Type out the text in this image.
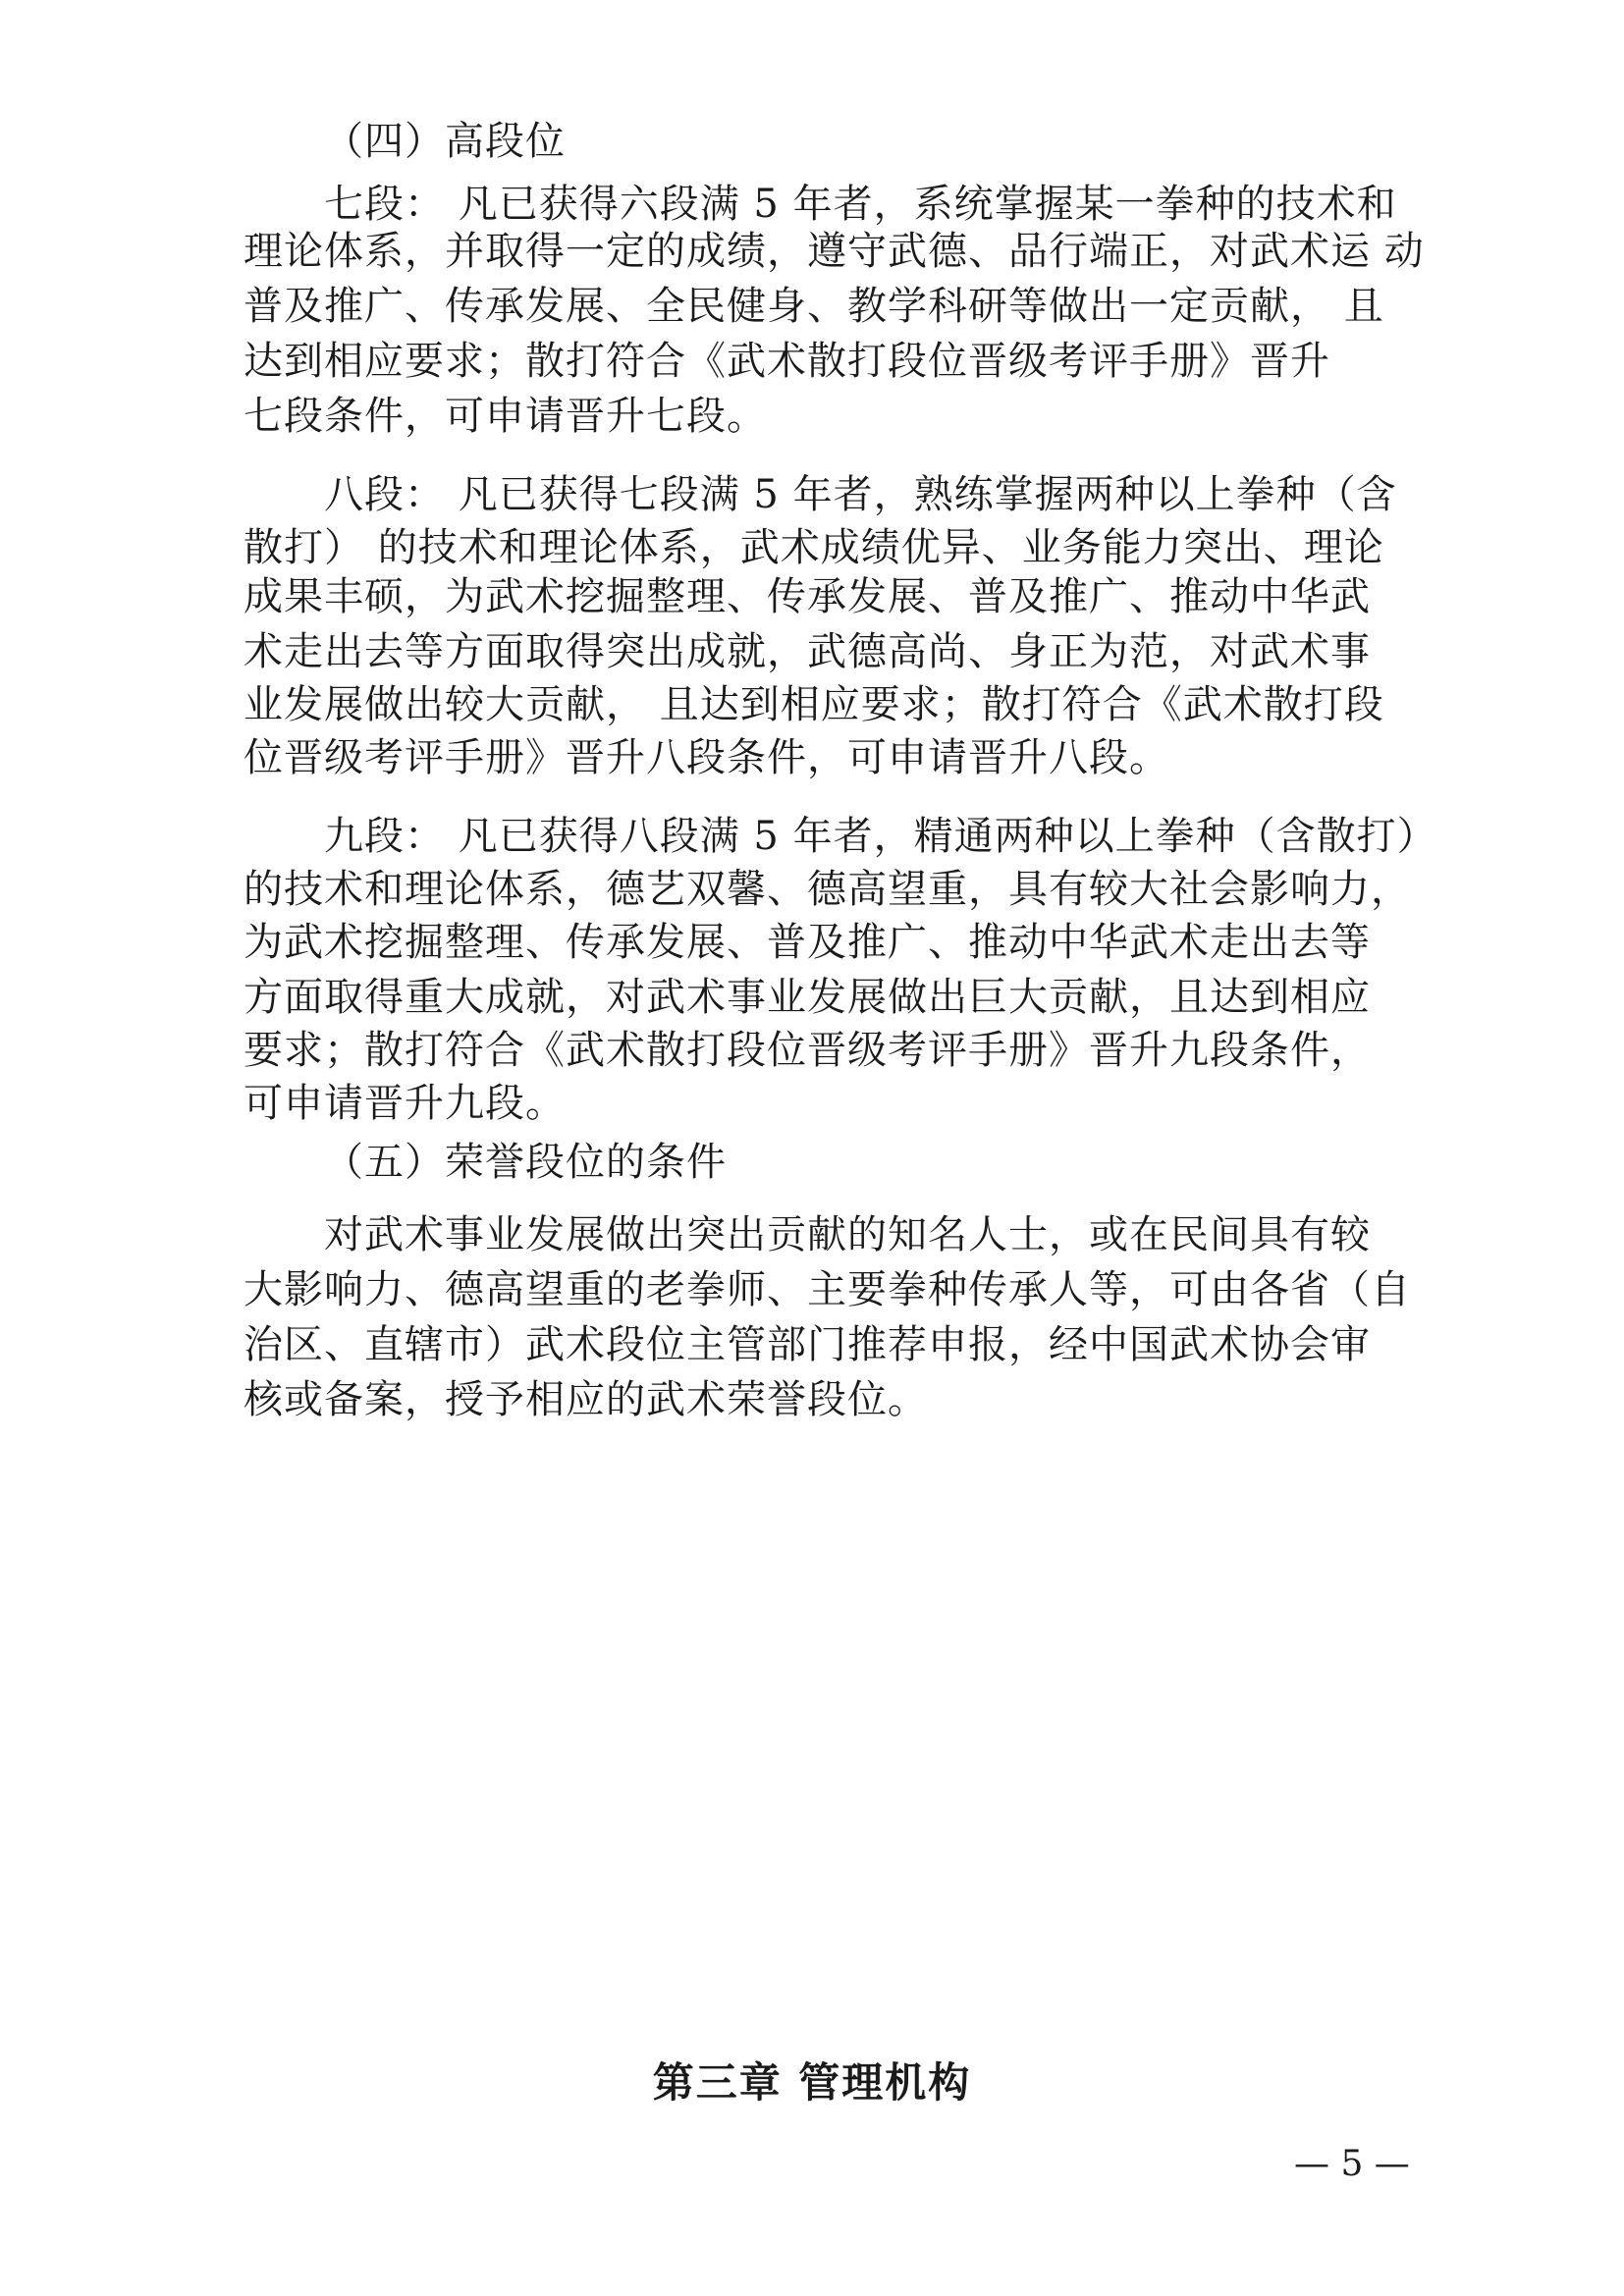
（四）高段位
七段： 凡已获得六段满 5 年者，系统掌握某一拳种的技术和
理论体系，并取得一定的成绩，遵守武德、品行端正，对武术运 动
普及推广、传承发展、全民健身、教学科研等做出一定贡献， 且
达到相应要求；散打符合《武术散打段位晋级考评手册》晋升
七段条件，可申请晋升七段。
八段： 凡已获得七段满 5 年者，熟练掌握两种以上拳种（含
散打） 的技术和理论体系，武术成绩优异、业务能力突出、理论
成果丰硕，为武术挖掘整理、传承发展、普及推广、推动中华武
术走出去等方面取得突出成就，武德高尚、身正为范，对武术事
业发展做出较大贡献， 且达到相应要求；散打符合《武术散打段
位晋级考评手册》晋升八段条件，可申请晋升八段。
九段： 凡已获得八段满 5 年者，精通两种以上拳种（含散打）
的技术和理论体系，德艺双馨、德高望重，具有较大社会影响力，
为武术挖掘整理、传承发展、普及推广、推动中华武术走出去等
方面取得重大成就，对武术事业发展做出巨大贡献，且达到相应
要求；散打符合《武术散打段位晋级考评手册》晋升九段条件，
可申请晋升九段。
（五）荣誉段位的条件
对武术事业发展做出突出贡献的知名人士，或在民间具有较
大影响力、德高望重的老拳师、主要拳种传承人等，可由各省（自
治区、直辖市）武术段位主管部门推荐申报，经中国武术协会审
核或备案，授予相应的武术荣誉段位。
第三章 管理机构
— 5 —
